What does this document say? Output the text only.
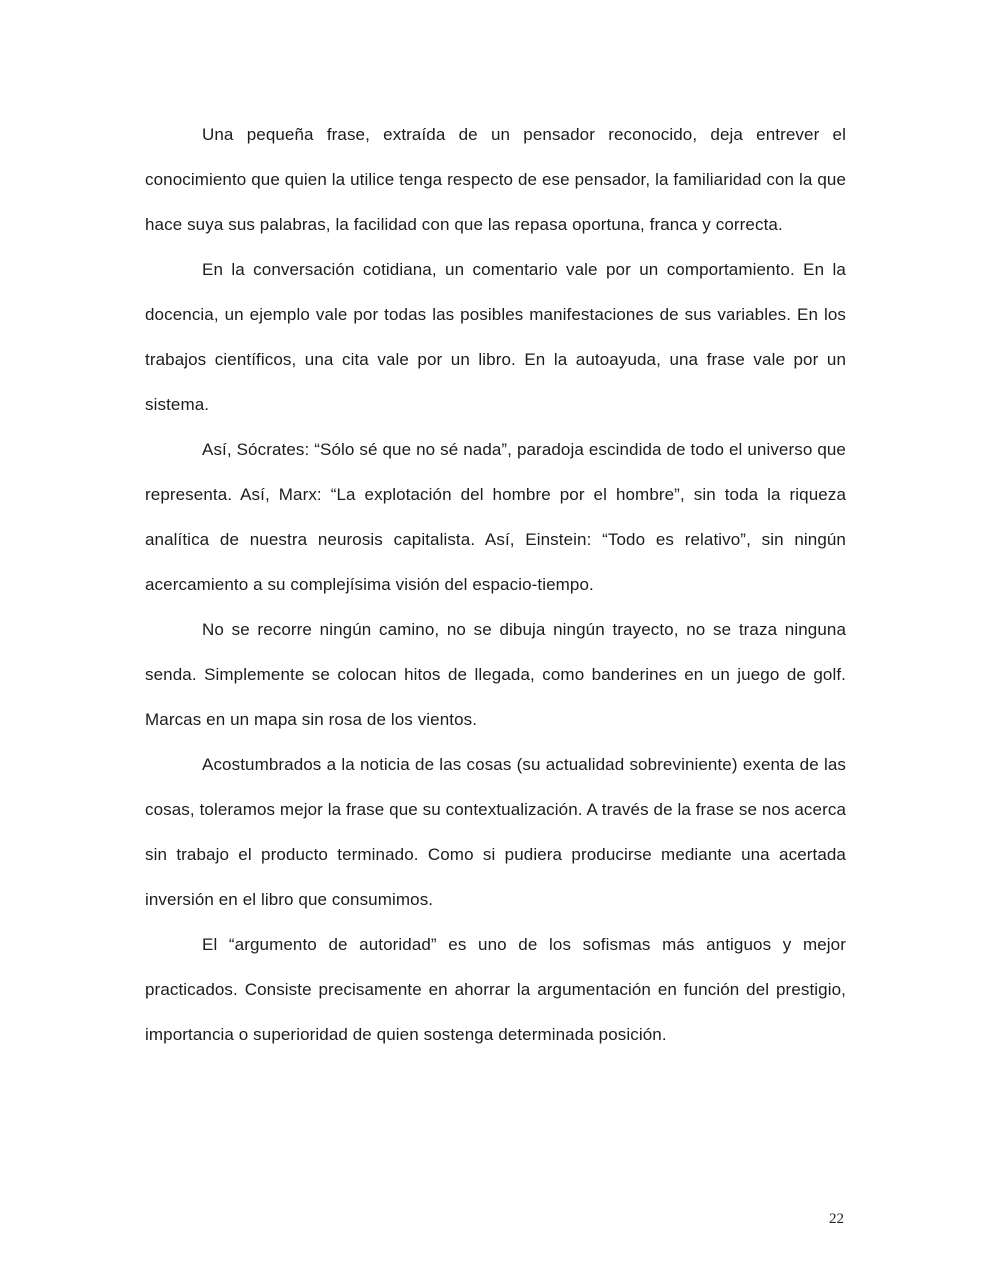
Una pequeña frase, extraída de un pensador reconocido, deja entrever el conocimiento que quien la utilice tenga respecto de ese pensador, la familiaridad con la que hace suya sus palabras, la facilidad con que las repasa oportuna, franca y correcta.

En la conversación cotidiana, un comentario vale por un comportamiento. En la docencia, un ejemplo vale por todas las posibles manifestaciones de sus variables. En los trabajos científicos, una cita vale por un libro. En la autoayuda, una frase vale por un sistema.

Así, Sócrates: “Sólo sé que no sé nada”, paradoja escindida de todo el universo que representa. Así, Marx: “La explotación del hombre por el hombre”, sin toda la riqueza analítica de nuestra neurosis capitalista. Así, Einstein: “Todo es relativo”, sin ningún acercamiento a su complejísima visión del espacio-tiempo.

No se recorre ningún camino, no se dibuja ningún trayecto, no se traza ninguna senda. Simplemente se colocan hitos de llegada, como banderines en un juego de golf. Marcas en un mapa sin rosa de los vientos.

Acostumbrados a la noticia de las cosas (su actualidad sobreviniente) exenta de las cosas, toleramos mejor la frase que su contextualización. A través de la frase se nos acerca sin trabajo el producto terminado. Como si pudiera producirse mediante una acertada inversión en el libro que consumimos.

El “argumento de autoridad” es uno de los sofismas más antiguos y mejor practicados. Consiste precisamente en ahorrar la argumentación en función del prestigio, importancia o superioridad de quien sostenga determinada posición.

22
